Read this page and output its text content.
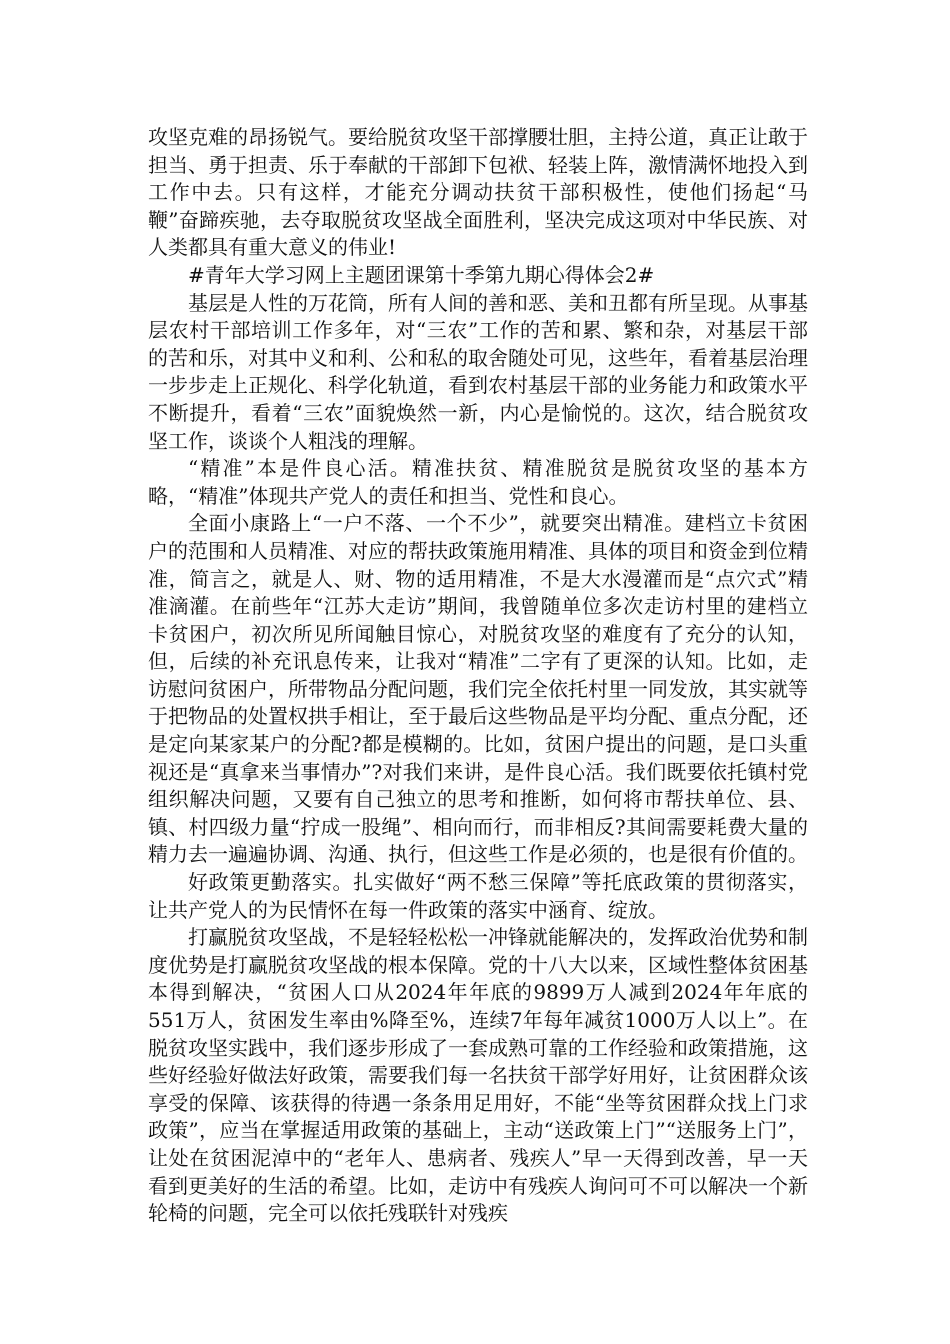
攻坚克难的昂扬锐气。要给脱贫攻坚干部撑腰壮胆，主持公道，真正让敢于担当、勇于担责、乐于奉献的干部卸下包袱、轻装上阵，激情满怀地投入到工作中去。只有这样，才能充分调动扶贫干部积极性，使他们扬起“马鞭”奋蹄疾驰，去夺取脱贫攻坚战全面胜利，坚决完成这项对中华民族、对人类都具有重大意义的伟业!

#青年大学习网上主题团课第十季第九期心得体会2#

基层是人性的万花筒，所有人间的善和恶、美和丑都有所呈现。从事基层农村干部培训工作多年，对“三农”工作的苦和累、繁和杂，对基层干部的苦和乐，对其中义和利、公和私的取舍随处可见，这些年，看着基层治理一步步走上正规化、科学化轨道，看到农村基层干部的业务能力和政策水平不断提升，看着“三农”面貌焕然一新，内心是愉悦的。这次，结合脱贫攻坚工作，谈谈个人粗浅的理解。

“精准”本是件良心活。精准扶贫、精准脱贫是脱贫攻坚的基本方略，“精准”体现共产党人的责任和担当、党性和良心。

全面小康路上“一户不落、一个不少”，就要突出精准。建档立卡贫困户的范围和人员精准、对应的帮扶政策施用精准、具体的项目和资金到位精准，简言之，就是人、财、物的适用精准，不是大水漫灌而是“点穴式”精准滴灌。在前些年“江苏大走访”期间，我曾随单位多次走访村里的建档立卡贫困户，初次所见所闻触目惊心，对脱贫攻坚的难度有了充分的认知，但，后续的补充讯息传来，让我对“精准”二字有了更深的认知。比如，走访慰问贫困户，所带物品分配问题，我们完全依托村里一同发放，其实就等于把物品的处置权拱手相让，至于最后这些物品是平均分配、重点分配，还是定向某家某户的分配?都是模糊的。比如，贫困户提出的问题，是口头重视还是“真拿来当事情办”?对我们来讲，是件良心活。我们既要依托镇村党组织解决问题，又要有自己独立的思考和推断，如何将市帮扶单位、县、镇、村四级力量“拧成一股绳”、相向而行，而非相反?其间需要耗费大量的精力去一遍遍协调、沟通、执行，但这些工作是必须的，也是很有价值的。

好政策更勤落实。扎实做好“两不愁三保障”等托底政策的贯彻落实，让共产党人的为民情怀在每一件政策的落实中涵育、绽放。

打赢脱贫攻坚战，不是轻轻松松一冲锋就能解决的，发挥政治优势和制度优势是打赢脱贫攻坚战的根本保障。党的十八大以来，区域性整体贫困基本得到解决，“贫困人口从2024年年底的9899万人减到2024年年底的551万人，贫困发生率由%降至%，连续7年每年减贫1000万人以上”。在脱贫攻坚实践中，我们逐步形成了一套成熟可靠的工作经验和政策措施，这些好经验好做法好政策，需要我们每一名扶贫干部学好用好，让贫困群众该享受的保障、该获得的待遇一条条用足用好，不能“坐等贫困群众找上门求政策”，应当在掌握适用政策的基础上，主动“送政策上门”“送服务上门”，让处在贫困泥淖中的“老年人、患病者、残疾人”早一天得到改善，早一天看到更美好的生活的希望。比如，走访中有残疾人询问可不可以解决一个新轮椅的问题，完全可以依托残联针对残疾
